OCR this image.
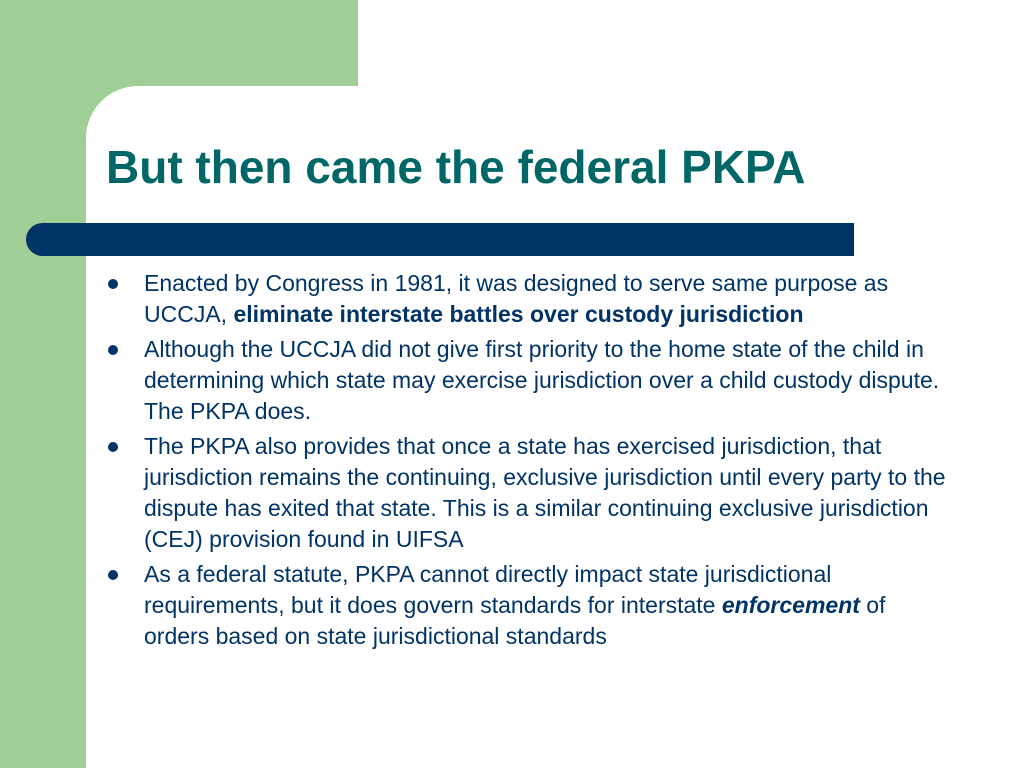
But then came the federal PKPA
Enacted by Congress in 1981, it was designed to serve same purpose as UCCJA, eliminate interstate battles over custody jurisdiction
Although the UCCJA did not give first priority to the home state of the child in determining which state may exercise jurisdiction over a child custody dispute. The PKPA does.
The PKPA also provides that once a state has exercised jurisdiction, that jurisdiction remains the continuing, exclusive jurisdiction until every party to the dispute has exited that state. This is a similar continuing exclusive jurisdiction (CEJ) provision found in UIFSA
As a federal statute, PKPA cannot directly impact state jurisdictional requirements, but it does govern standards for interstate enforcement of orders based on state jurisdictional standards
